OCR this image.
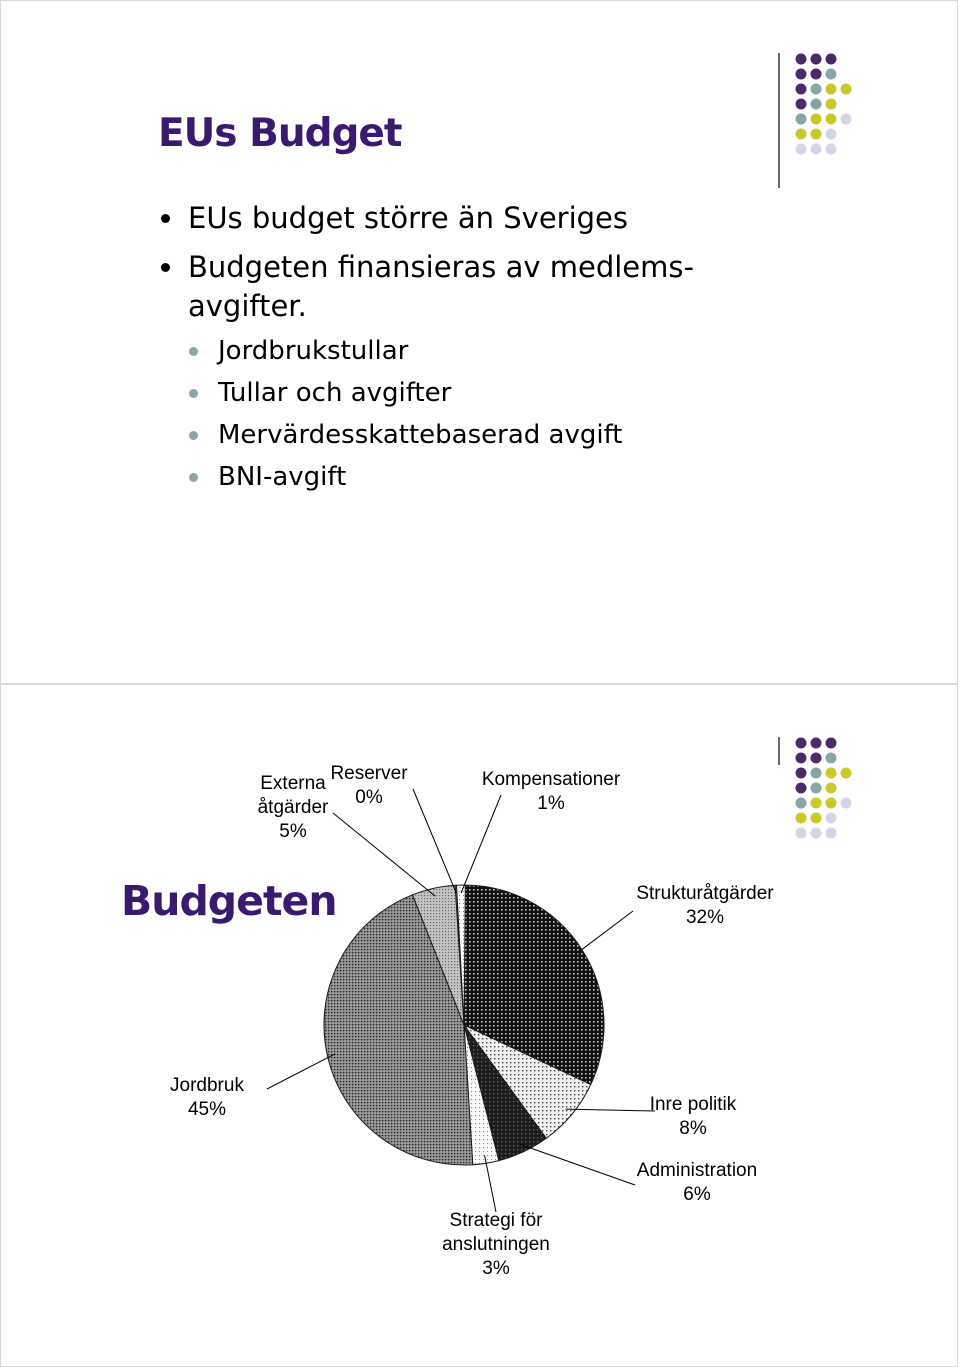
EUs Budget
EUs budget större än Sveriges
Budgeten finansieras av medlems-
avgifter.
Jordbrukstullar
Tullar och avgifter
Mervärdesskattebaserad avgift
BNI-avgift
Strukturåtgärder
32%
Inre politik
8%
Administration
6%
Strategi för
anslutningen
3%
Jordbruk
45%
Externa
åtgärder
5%
Reserver
0%
Kompensationer
1%
Budgeten
